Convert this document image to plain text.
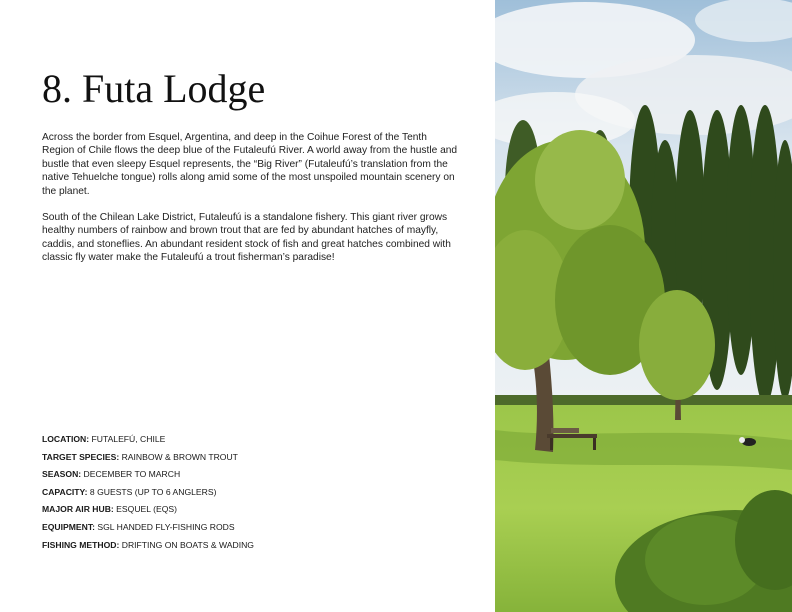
8. Futa Lodge

Across the border from Esquel, Argentina, and deep in the Coihue Forest of the Tenth Region of Chile flows the deep blue of the Futaleufú River. A world away from the hustle and bustle that even sleepy Esquel represents, the “Big River” (Futaleufú’s translation from the native Tehuelche tongue) rolls along amid some of the most unspoiled mountain scenery on the planet.

South of the Chilean Lake District, Futaleufú is a standalone fishery. This giant river grows healthy numbers of rainbow and brown trout that are fed by abundant hatches of mayfly, caddis, and stoneflies. An abundant resident stock of fish and great hatches combined with classic fly water make the Futaleufú a trout fisherman’s paradise!

LOCATION: FUTALEFÚ, CHILE
TARGET SPECIES: RAINBOW & BROWN TROUT
SEASON: DECEMBER TO MARCH
CAPACITY: 8 GUESTS (UP TO 6 ANGLERS)
MAJOR AIR HUB: ESQUEL (EQS)
EQUIPMENT: SGL HANDED FLY-FISHING RODS
FISHING METHOD: DRIFTING ON BOATS & WADING
